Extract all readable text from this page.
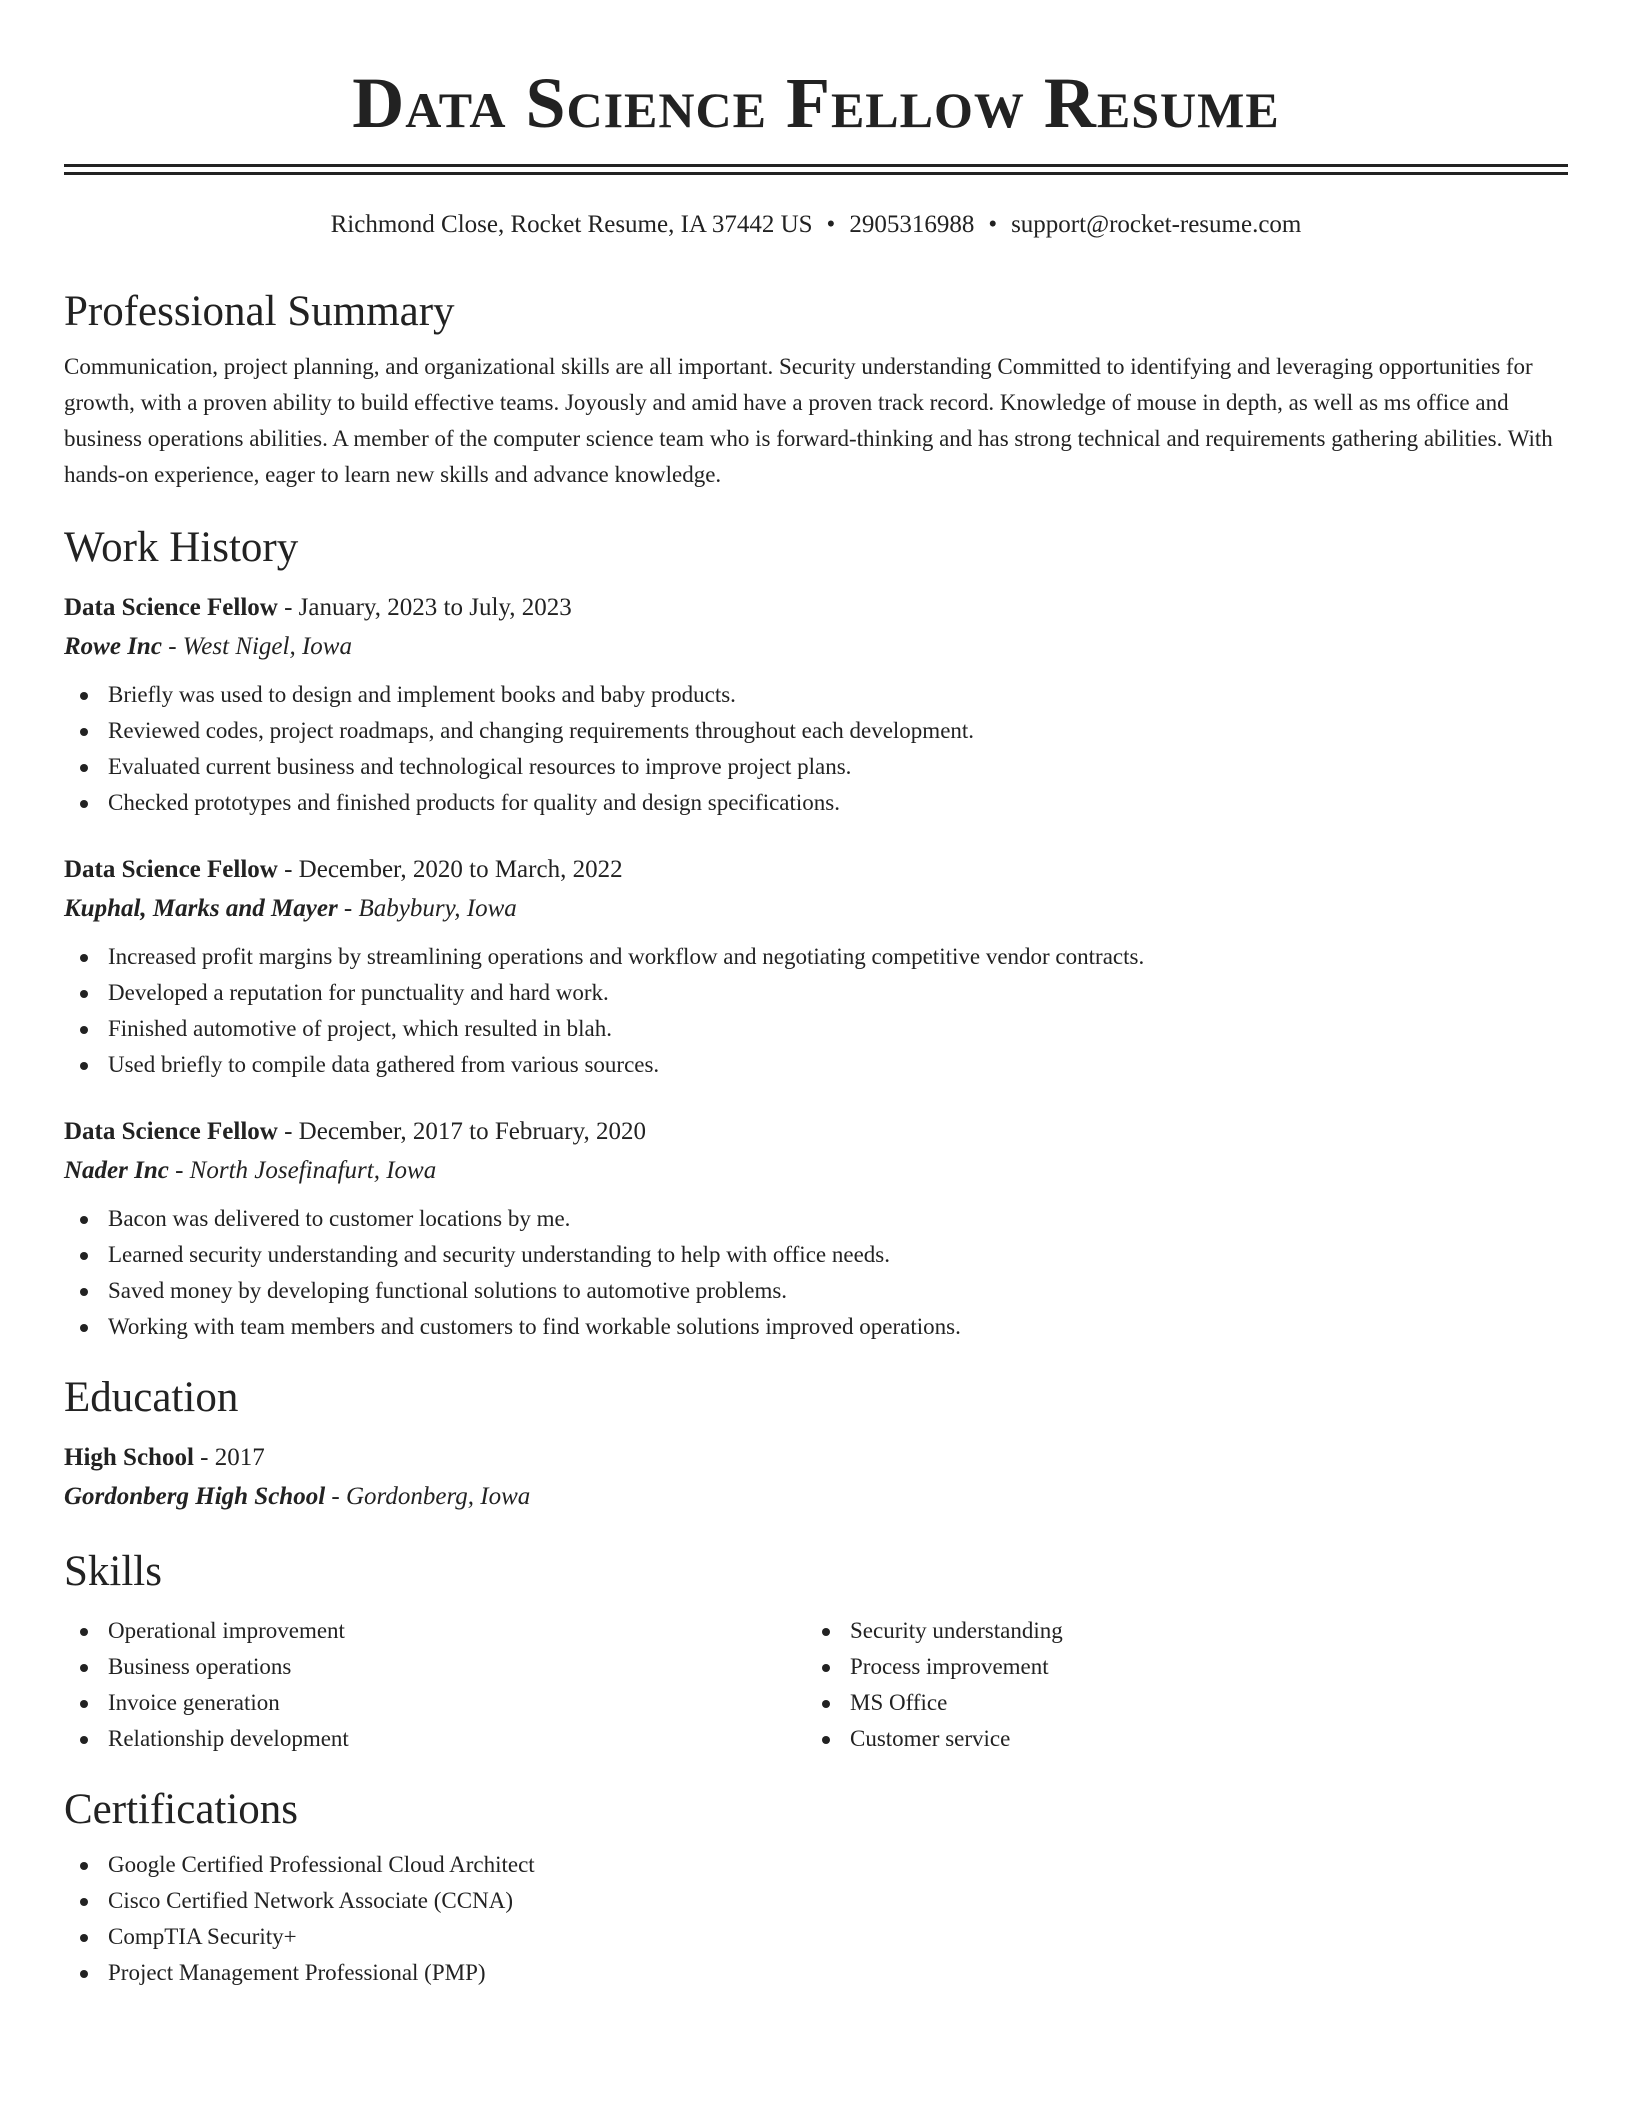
Data Science Fellow Resume
Richmond Close, Rocket Resume, IA 37442 US • 2905316988 • support@rocket-resume.com
Professional Summary

Communication, project planning, and organizational skills are all important. Security understanding Committed to identifying and leveraging opportunities for growth, with a proven ability to build effective teams. Joyously and amid have a proven track record. Knowledge of mouse in depth, as well as ms office and business operations abilities. A member of the computer science team who is forward-thinking and has strong technical and requirements gathering abilities. With hands-on experience, eager to learn new skills and advance knowledge.

Work History
Data Science Fellow - January, 2023 to July, 2023
Rowe Inc - West Nigel, Iowa
Briefly was used to design and implement books and baby products.
Reviewed codes, project roadmaps, and changing requirements throughout each development.
Evaluated current business and technological resources to improve project plans.
Checked prototypes and finished products for quality and design specifications.
Data Science Fellow - December, 2020 to March, 2022
Kuphal, Marks and Mayer - Babybury, Iowa
Increased profit margins by streamlining operations and workflow and negotiating competitive vendor contracts.
Developed a reputation for punctuality and hard work.
Finished automotive of project, which resulted in blah.
Used briefly to compile data gathered from various sources.
Data Science Fellow - December, 2017 to February, 2020
Nader Inc - North Josefinafurt, Iowa
Bacon was delivered to customer locations by me.
Learned security understanding and security understanding to help with office needs.
Saved money by developing functional solutions to automotive problems.
Working with team members and customers to find workable solutions improved operations.
Education
High School - 2017
Gordonberg High School - Gordonberg, Iowa
Skills
Operational improvement
Business operations
Invoice generation
Relationship development
Security understanding
Process improvement
MS Office
Customer service
Certifications
Google Certified Professional Cloud Architect
Cisco Certified Network Associate (CCNA)
CompTIA Security+
Project Management Professional (PMP)
